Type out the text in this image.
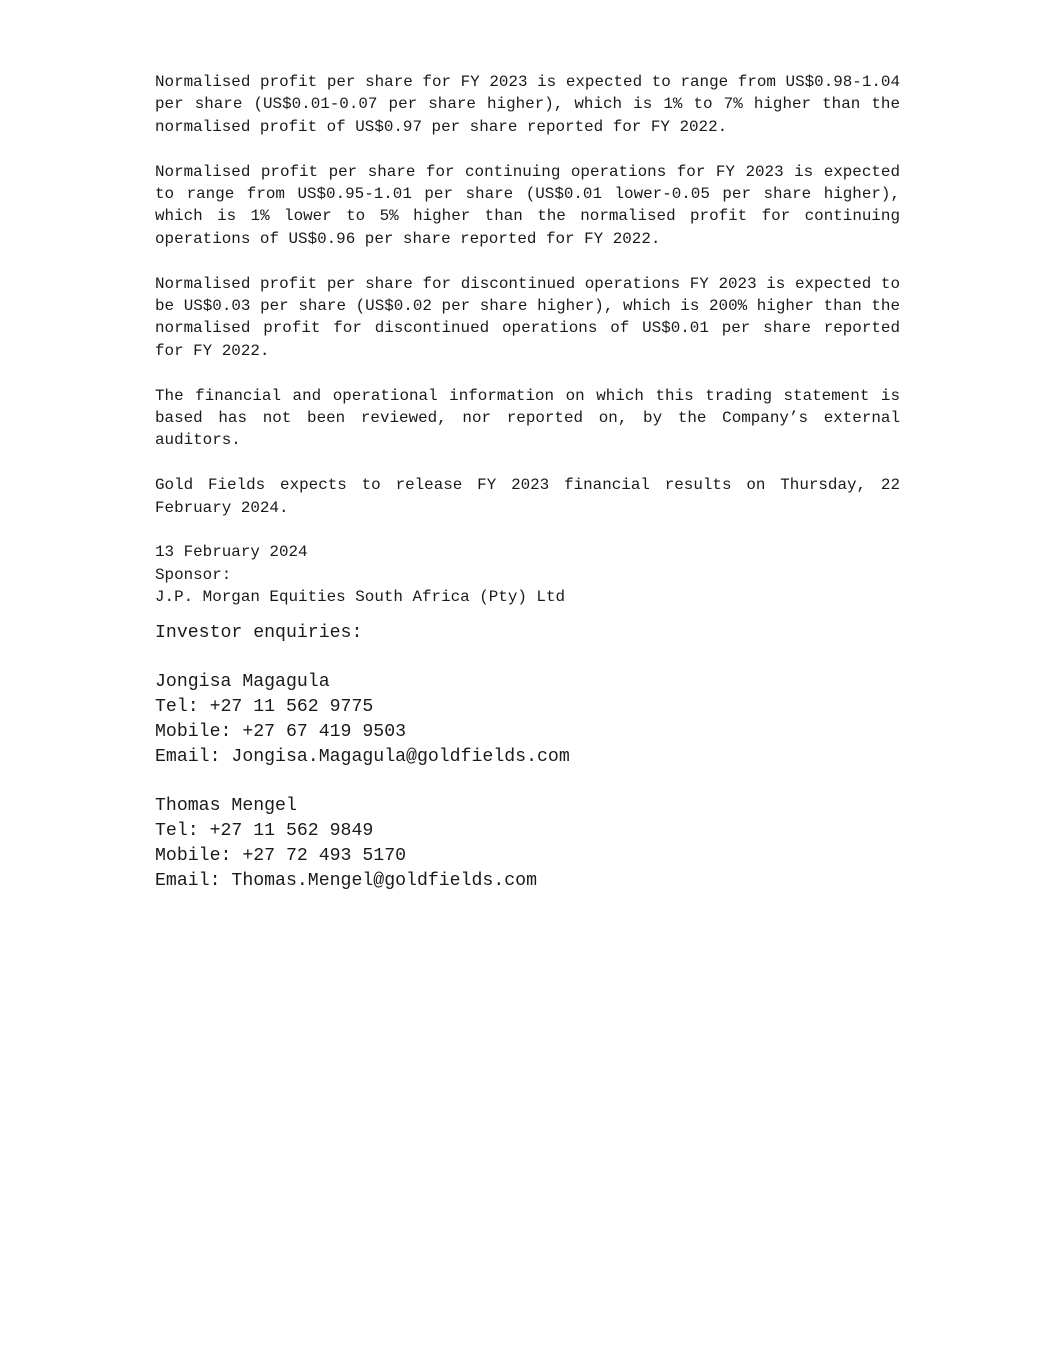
Normalised profit per share for FY 2023 is expected to range from US$0.98-1.04 per share (US$0.01-0.07 per share higher), which is 1% to 7% higher than the normalised profit of US$0.97 per share reported for FY 2022.

Normalised profit per share for continuing operations for FY 2023 is expected to range from US$0.95-1.01 per share (US$0.01 lower-0.05 per share higher), which is 1% lower to 5% higher than the normalised profit for continuing operations of US$0.96 per share reported for FY 2022.

Normalised profit per share for discontinued operations FY 2023 is expected to be US$0.03 per share (US$0.02 per share higher), which is 200% higher than the normalised profit for discontinued operations of US$0.01 per share reported for FY 2022.

The financial and operational information on which this trading statement is based has not been reviewed, nor reported on, by the Company’s external auditors.

Gold Fields expects to release FY 2023 financial results on Thursday, 22 February 2024.

13 February 2024

Sponsor:

J.P. Morgan Equities South Africa (Pty) Ltd

Investor enquiries:

Jongisa Magagula

Tel: +27 11 562 9775

Mobile: +27 67 419 9503

Email: Jongisa.Magagula@goldfields.com

Thomas Mengel

Tel: +27 11 562 9849

Mobile: +27 72 493 5170

Email: Thomas.Mengel@goldfields.com
